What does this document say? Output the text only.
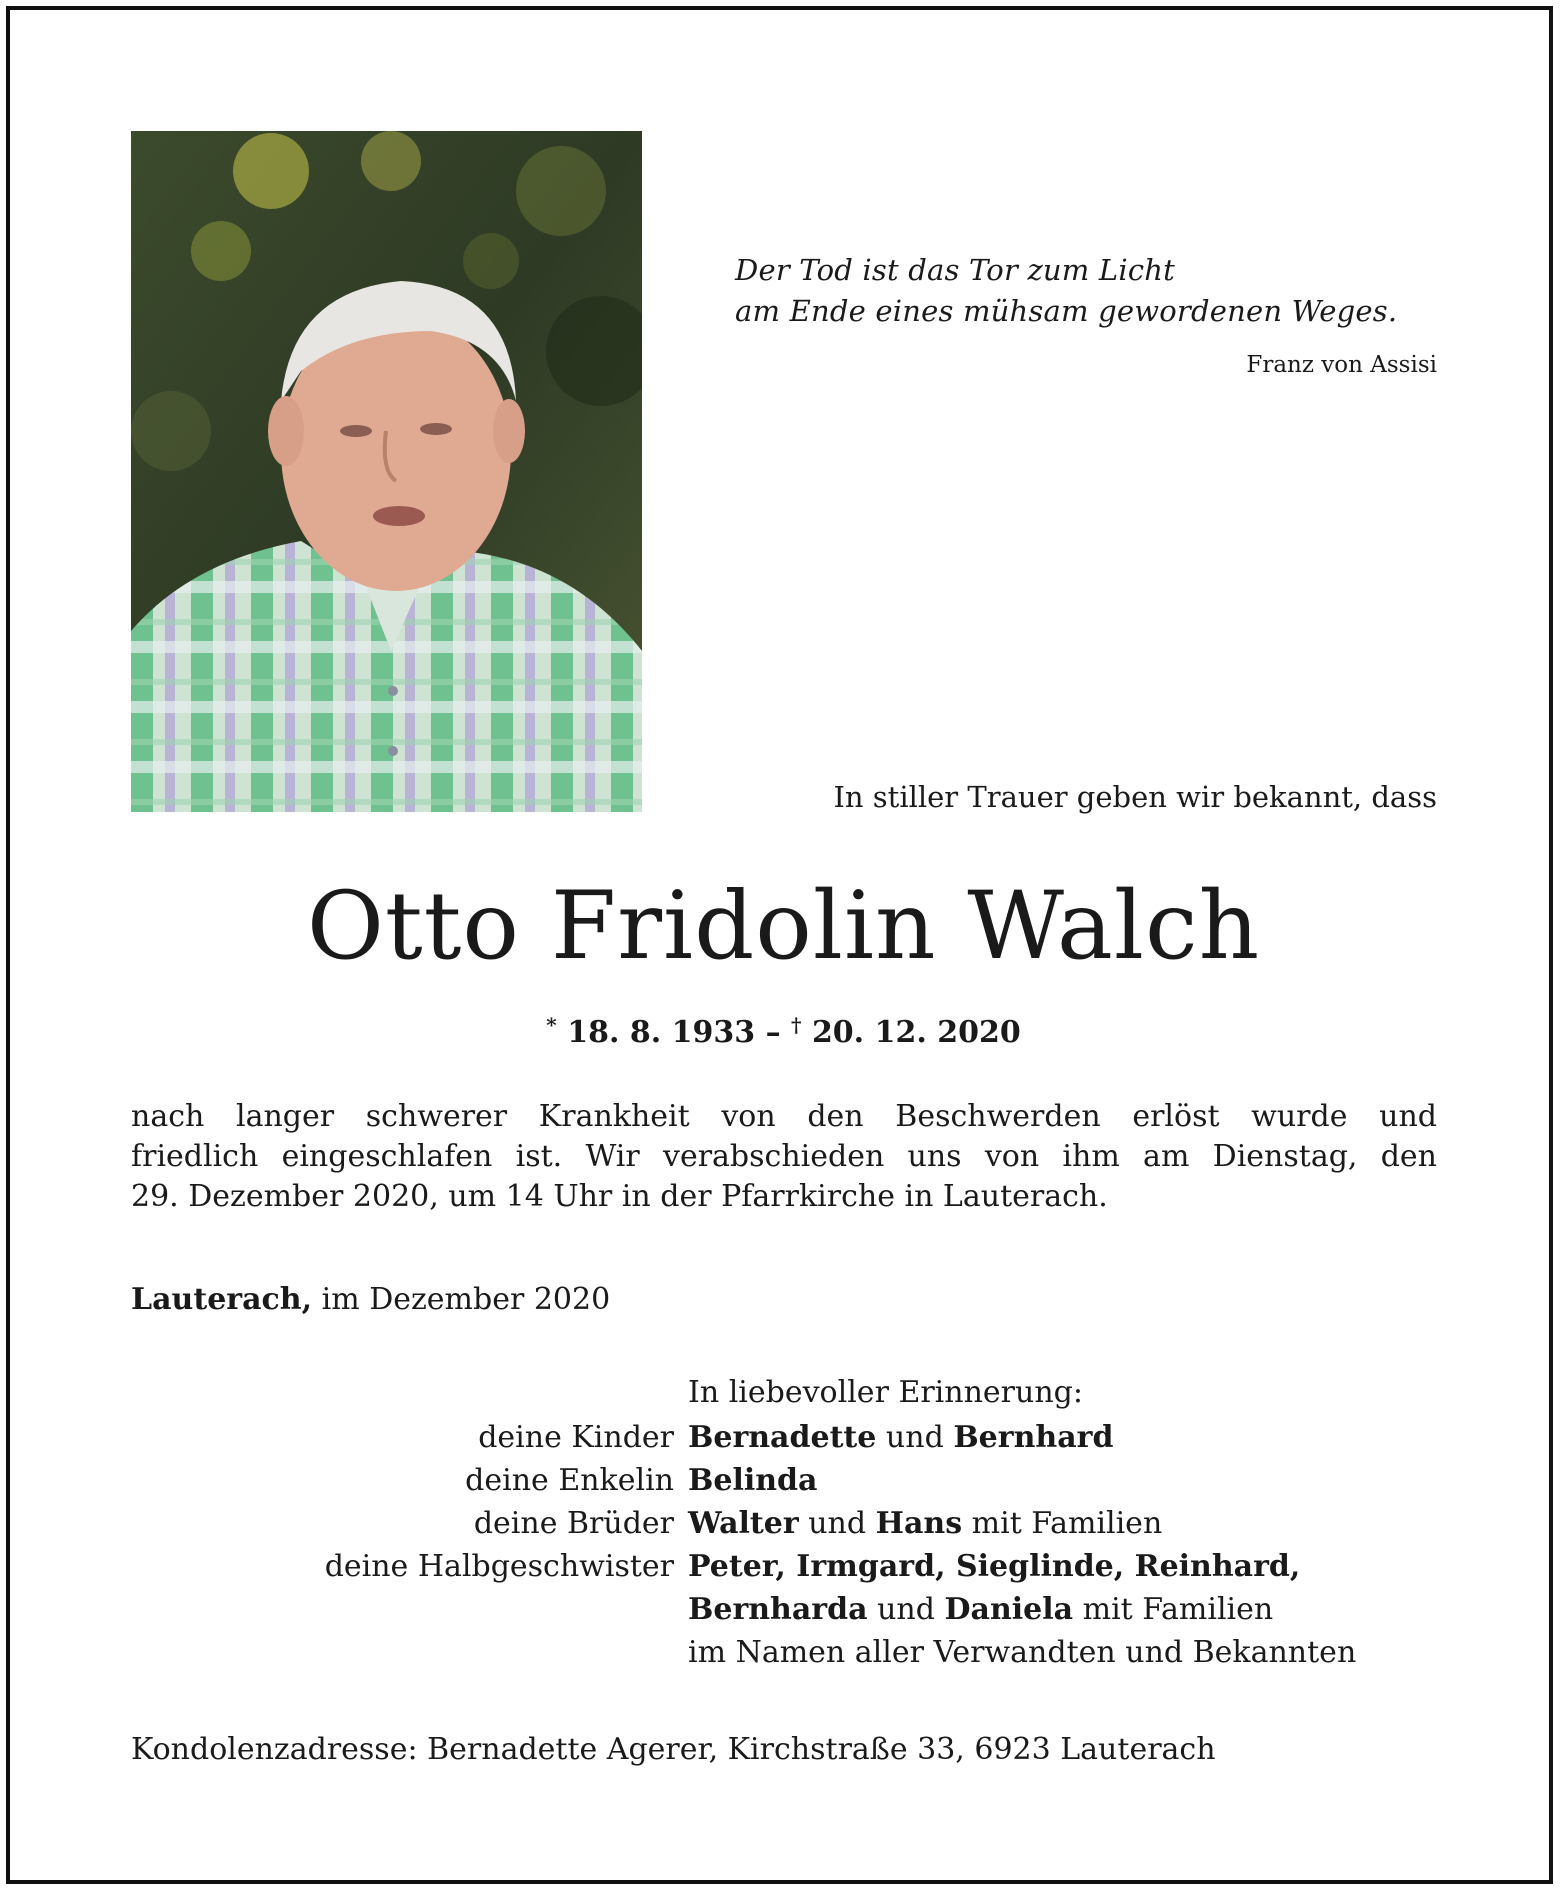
Der Tod ist das Tor zum Licht
am Ende eines mühsam gewordenen Weges.
Franz von Assisi
In stiller Trauer geben wir bekannt, dass
Otto Fridolin Walch
* 18. 8. 1933 – † 20. 12. 2020
nach langer schwerer Krankheit von den Beschwerden erlöst wurde und
friedlich eingeschlafen ist. Wir verabschieden uns von ihm am Dienstag, den
29. Dezember 2020, um 14 Uhr in der Pfarrkirche in Lauterach.
Lauterach, im Dezember 2020
In liebevoller Erinnerung:
deine Kinder Bernadette und Bernhard
deine Enkelin Belinda
deine Brüder Walter und Hans mit Familien
deine Halbgeschwister Peter, Irmgard, Sieglinde, Reinhard,
Bernharda und Daniela mit Familien
im Namen aller Verwandten und Bekannten
Kondolenzadresse: Bernadette Agerer, Kirchstraße 33, 6923 Lauterach
